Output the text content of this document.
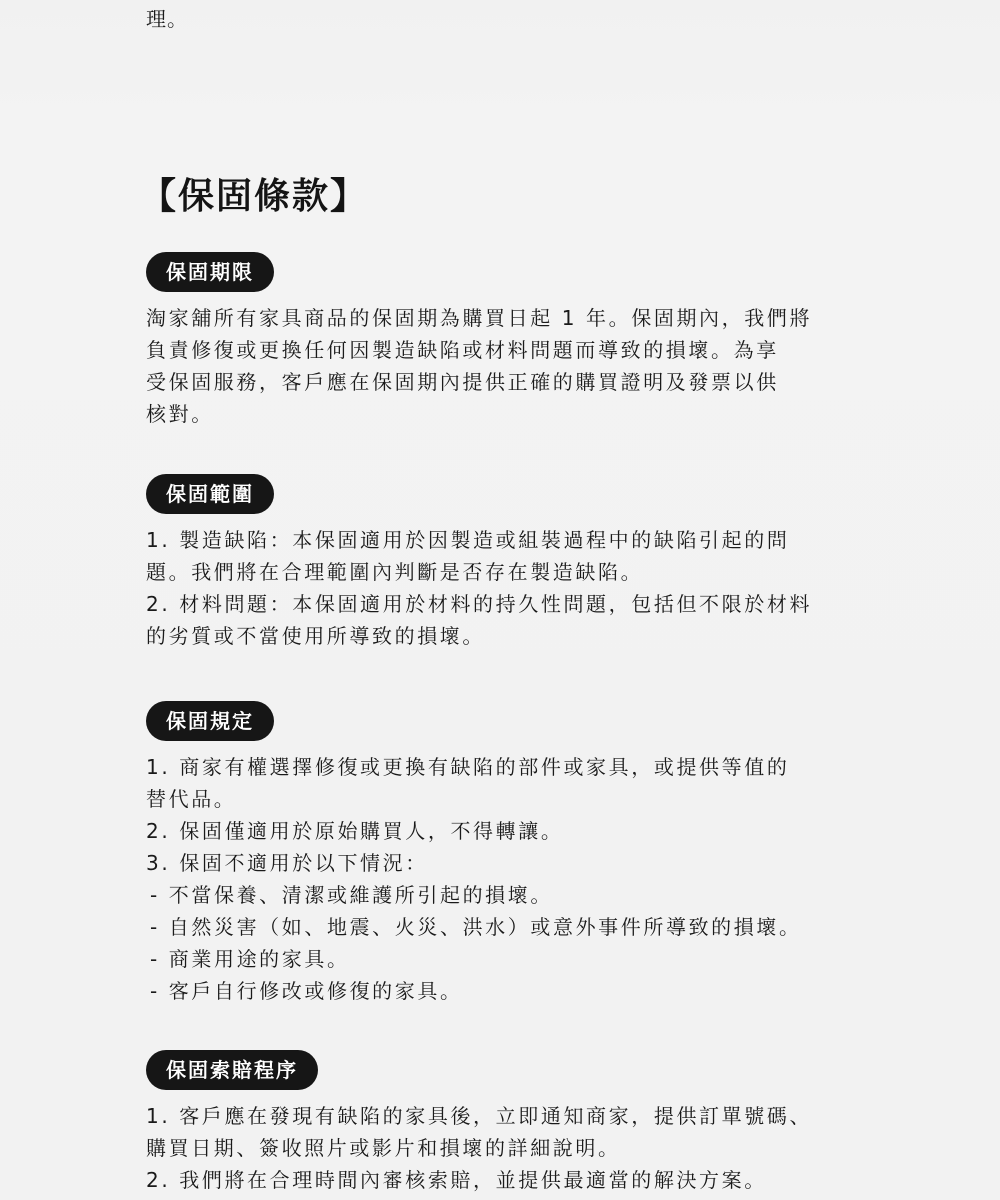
理。
【保固條款】
保固期限
淘家舖所有家具商品的保固期為購買日起 1 年。保固期內，我們將
負責修復或更換任何因製造缺陷或材料問題而導致的損壞。為享
受保固服務，客戶應在保固期內提供正確的購買證明及發票以供
核對。
保固範圍
1. 製造缺陷：本保固適用於因製造或組裝過程中的缺陷引起的問
題。我們將在合理範圍內判斷是否存在製造缺陷。
2. 材料問題：本保固適用於材料的持久性問題，包括但不限於材料
的劣質或不當使用所導致的損壞。
保固規定
1. 商家有權選擇修復或更換有缺陷的部件或家具，或提供等值的
替代品。
2. 保固僅適用於原始購買人，不得轉讓。
3. 保固不適用於以下情況：
- 不當保養、清潔或維護所引起的損壞。
- 自然災害（如、地震、火災、洪水）或意外事件所導致的損壞。
- 商業用途的家具。
- 客戶自行修改或修復的家具。
保固索賠程序
1. 客戶應在發現有缺陷的家具後，立即通知商家，提供訂單號碼、
購買日期、簽收照片或影片和損壞的詳細說明。
2. 我們將在合理時間內審核索賠，並提供最適當的解決方案。
